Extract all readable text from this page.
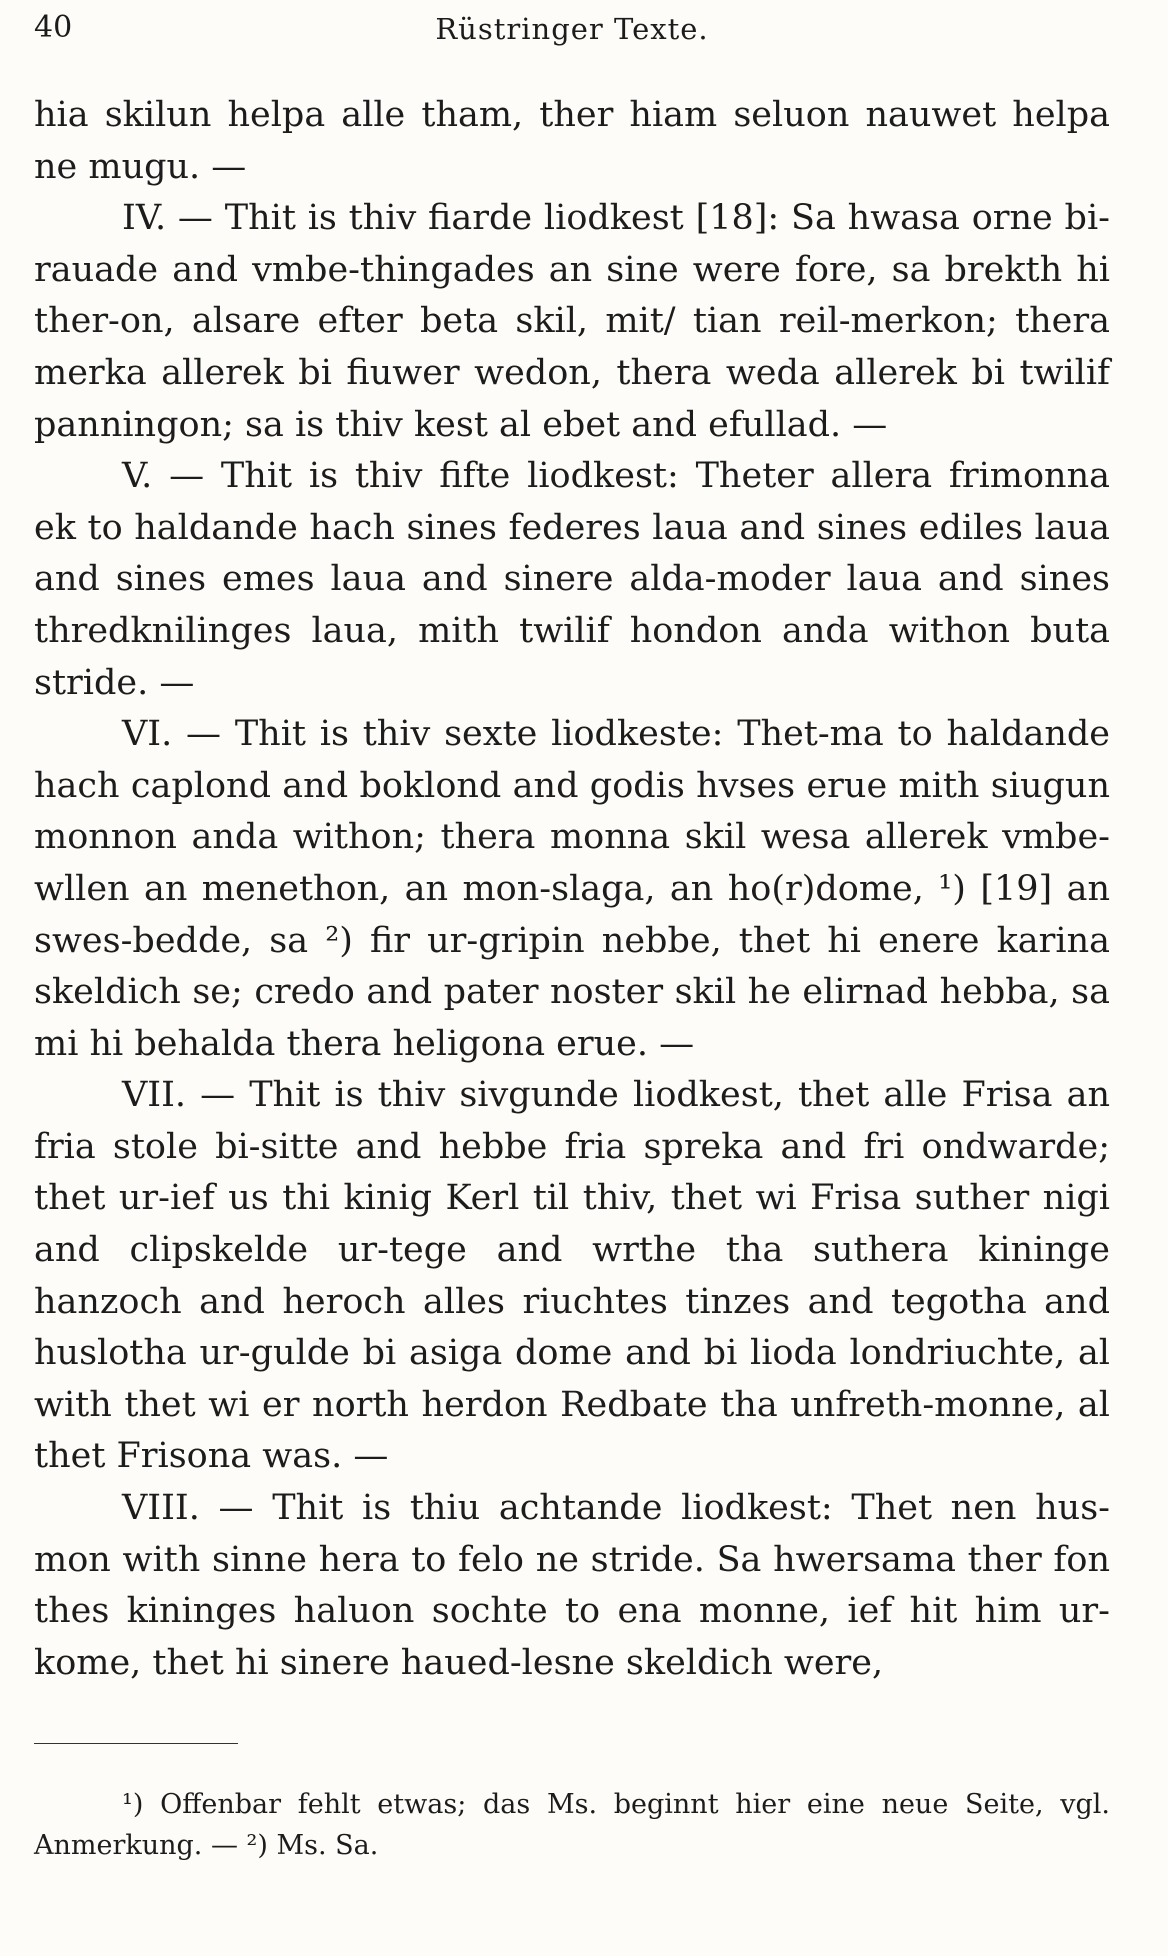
40	Rüstringer Texte.

hia skilun helpa alle tham, ther hiam seluon nauwet helpa ne mugu. —

IV. — Thit is thiv fiarde liodkest [18]: Sa hwasa orne bi-rauade and vmbe-thingades an sine were fore, sa brekth hi ther-on, alsare efter beta skil, mit/ tian reil-merkon; thera merka allerek bi fiuwer wedon, thera weda allerek bi twilif panningon; sa is thiv kest al ebet and efullad. —

V. — Thit is thiv fifte liodkest: Theter allera frimonna ek to haldande hach sines federes laua and sines ediles laua and sines emes laua and sinere alda-moder laua and sines thredknilinges laua, mith twilif hondon anda withon buta stride. —

VI. — Thit is thiv sexte liodkeste: Thet-ma to haldande hach caplond and boklond and godis hvses erue mith siugun monnon anda withon; thera monna skil wesa allerek vmbe-wllen an menethon, an mon-slaga, an ho(r)dome, ¹) [19] an swes-bedde, sa ²) fir ur-gripin nebbe, thet hi enere karina skeldich se; credo and pater noster skil he elirnad hebba, sa mi hi behalda thera heligona erue. —

VII. — Thit is thiv sivgunde liodkest, thet alle Frisa an fria stole bi-sitte and hebbe fria spreka and fri ondwarde; thet ur-ief us thi kinig Kerl til thiv, thet wi Frisa suther nigi and clipskelde ur-tege and wrthe tha suthera kininge hanzoch and heroch alles riuchtes tinzes and tegotha and huslotha ur-gulde bi asiga dome and bi lioda londriuchte, al with thet wi er north herdon Redbate tha unfreth-monne, al thet Frisona was. —

VIII. — Thit is thiu achtande liodkest: Thet nen hus-mon with sinne hera to felo ne stride. Sa hwersama ther fon thes kininges haluon sochte to ena monne, ief hit him ur-kome, thet hi sinere haued-lesne skeldich were,

¹) Offenbar fehlt etwas; das Ms. beginnt hier eine neue Seite, vgl. Anmerkung. — ²) Ms. Sa.
